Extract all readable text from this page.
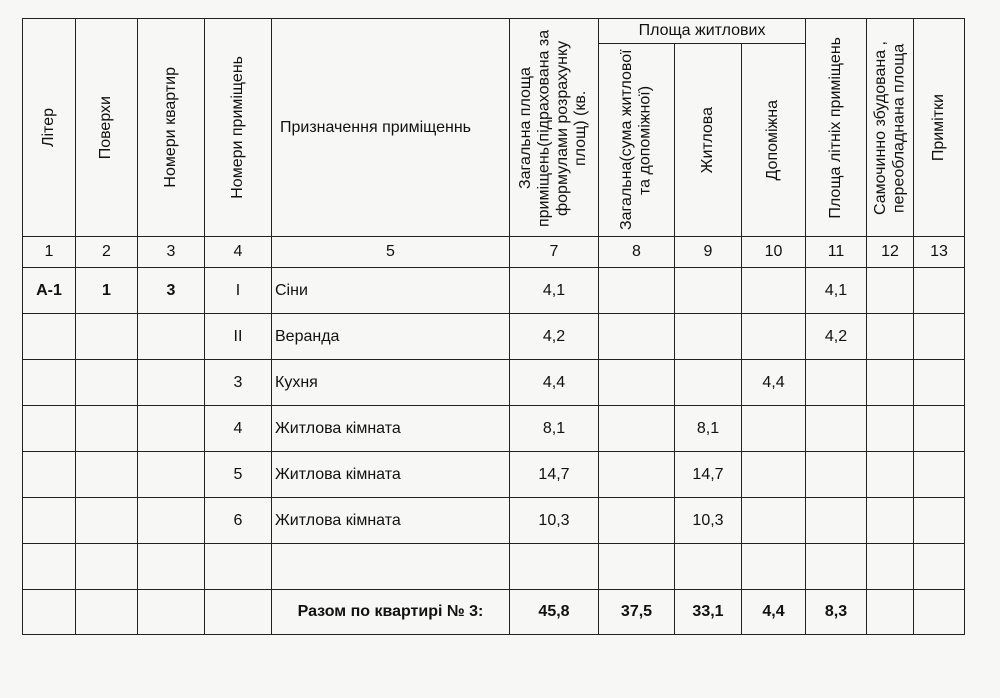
Літер	Поверхи	Номери квартир	Номери приміщень	Призначення приміщеннь	Загальна площа приміщень(підрахована за формулами розрахунку площ) (кв.	Площа житлових			Площа літніх приміщень	Самочинно збудована , переобладнана площа	Примітки

						Загальна(сума житлової та допоміжної)	Житлова	Допоміжна			

1	2	3	4	5	7	8	9	10	11	12	13
А-1	1	3	I	Сіни	4,1				4,1		
			II	Веранда	4,2				4,2		
			3	Кухня	4,4			4,4			
			4	Житлова кімната	8,1		8,1				
			5	Житлова кімната	14,7		14,7				
			6	Житлова кімната	10,3		10,3				

				Разом по квартирі № 3:	45,8	37,5	33,1	4,4	8,3		
